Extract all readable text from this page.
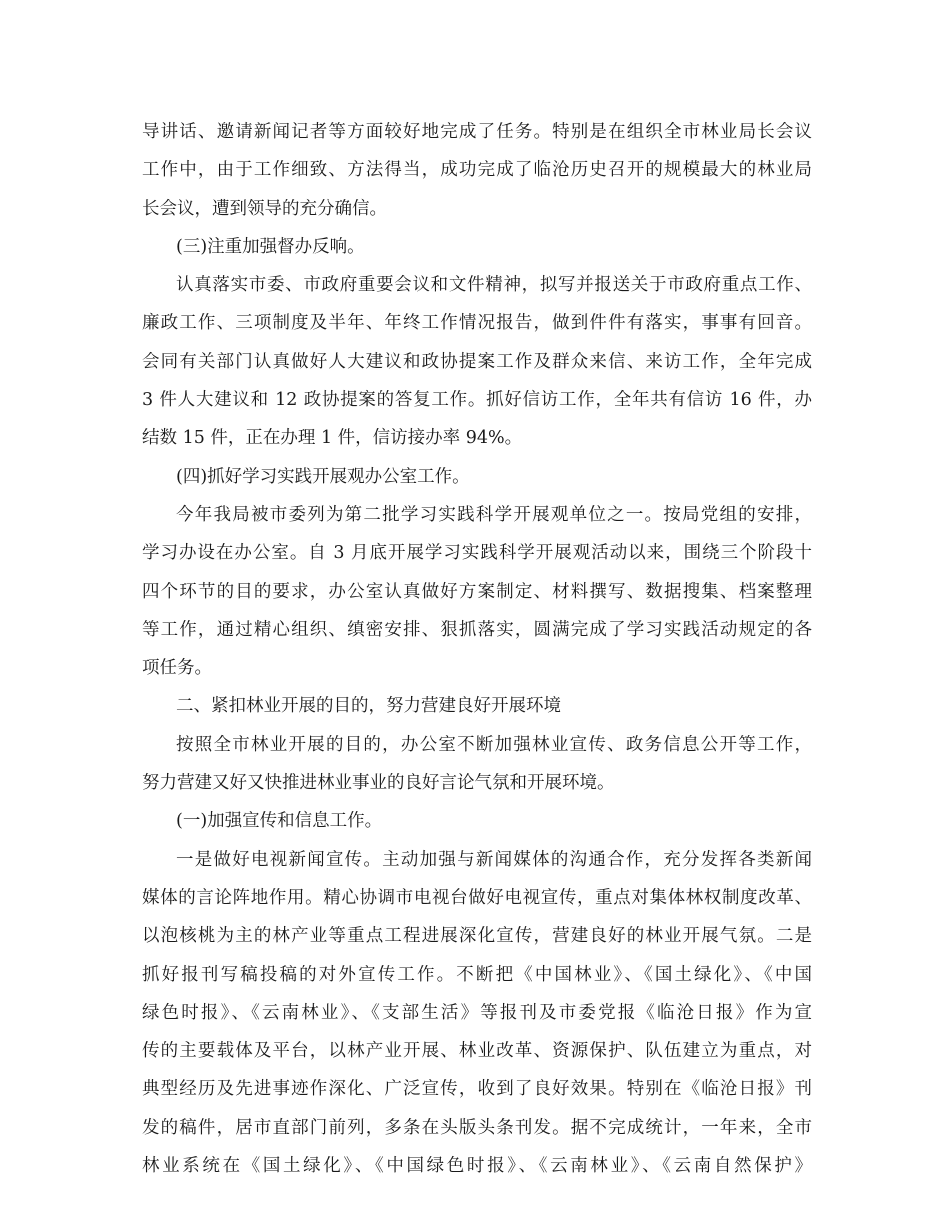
导讲话、邀请新闻记者等方面较好地完成了任务。特别是在组织全市林业局长会议
工作中，由于工作细致、方法得当，成功完成了临沧历史召开的规模最大的林业局
长会议，遭到领导的充分确信。
(三)注重加强督办反响。
认真落实市委、市政府重要会议和文件精神，拟写并报送关于市政府重点工作、
廉政工作、三项制度及半年、年终工作情况报告，做到件件有落实，事事有回音。
会同有关部门认真做好人大建议和政协提案工作及群众来信、来访工作，全年完成
3 件人大建议和 12 政协提案的答复工作。抓好信访工作，全年共有信访 16 件，办
结数 15 件，正在办理 1 件，信访接办率 94%。
(四)抓好学习实践开展观办公室工作。
今年我局被市委列为第二批学习实践科学开展观单位之一。按局党组的安排，
学习办设在办公室。自 3 月底开展学习实践科学开展观活动以来，围绕三个阶段十
四个环节的目的要求，办公室认真做好方案制定、材料撰写、数据搜集、档案整理
等工作，通过精心组织、缜密安排、狠抓落实，圆满完成了学习实践活动规定的各
项任务。
二、紧扣林业开展的目的，努力营建良好开展环境
按照全市林业开展的目的，办公室不断加强林业宣传、政务信息公开等工作，
努力营建又好又快推进林业事业的良好言论气氛和开展环境。
(一)加强宣传和信息工作。
一是做好电视新闻宣传。主动加强与新闻媒体的沟通合作，充分发挥各类新闻
媒体的言论阵地作用。精心协调市电视台做好电视宣传，重点对集体林权制度改革、
以泡核桃为主的林产业等重点工程进展深化宣传，营建良好的林业开展气氛。二是
抓好报刊写稿投稿的对外宣传工作。不断把《中国林业》、《国土绿化》、《中国
绿色时报》、《云南林业》、《支部生活》等报刊及市委党报《临沧日报》作为宣
传的主要载体及平台，以林产业开展、林业改革、资源保护、队伍建立为重点，对
典型经历及先进事迹作深化、广泛宣传，收到了良好效果。特别在《临沧日报》刊
发的稿件，居市直部门前列，多条在头版头条刊发。据不完成统计，一年来，全市
林业系统在《国土绿化》、《中国绿色时报》、《云南林业》、《云南自然保护》
